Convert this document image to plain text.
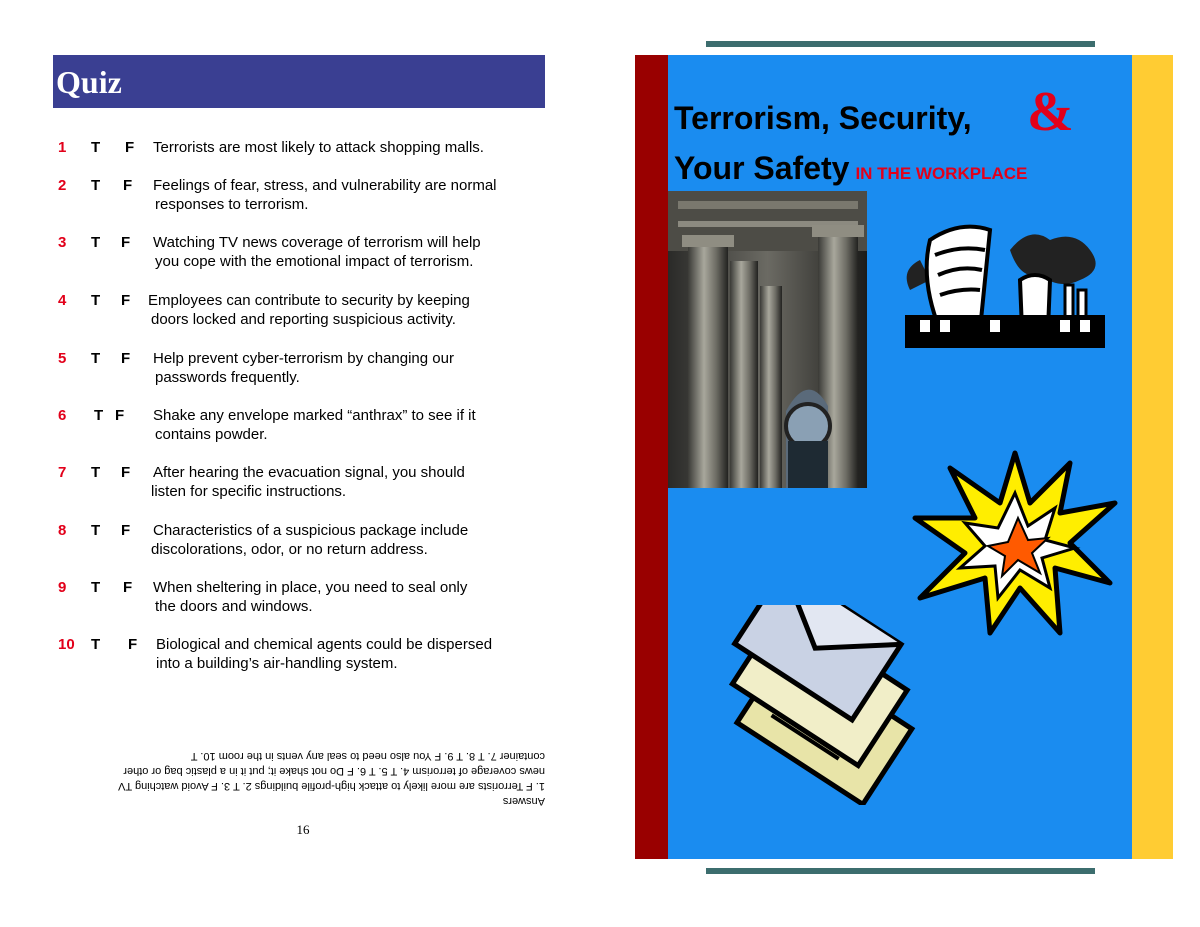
Quiz
1 T F Terrorists are most likely to attack shopping malls.
2 T F Feelings of fear, stress, and vulnerability are normal
responses to terrorism.
3 T F Watching TV news coverage of terrorism will help
you cope with the emotional impact of terrorism.
4 T F Employees can contribute to security by keeping
doors locked and reporting suspicious activity.
5 T F Help prevent cyber-terrorism by changing our
passwords frequently.
6 T F Shake any envelope marked “anthrax” to see if it
contains powder.
7 T F After hearing the evacuation signal, you should
listen for specific instructions.
8 T F Characteristics of a suspicious package include
discolorations, odor, or no return address.
9 T F When sheltering in place, you need to seal only
the doors and windows.
10 T F Biological and chemical agents could be dispersed
into a building’s air-handling system.
Answers
1. F Terrorists are more likely to attack high-profile buildings 2. T 3. F Avoid watching TV
news coverage of terrorism 4. T 5. T 6. F Do not shake it; put it in a plastic bag or other
container 7. T 8. T 9. F You also need to seal any vents in the room 10. T
16
Terrorism, Security, &
Your Safety IN THE WORKPLACE
